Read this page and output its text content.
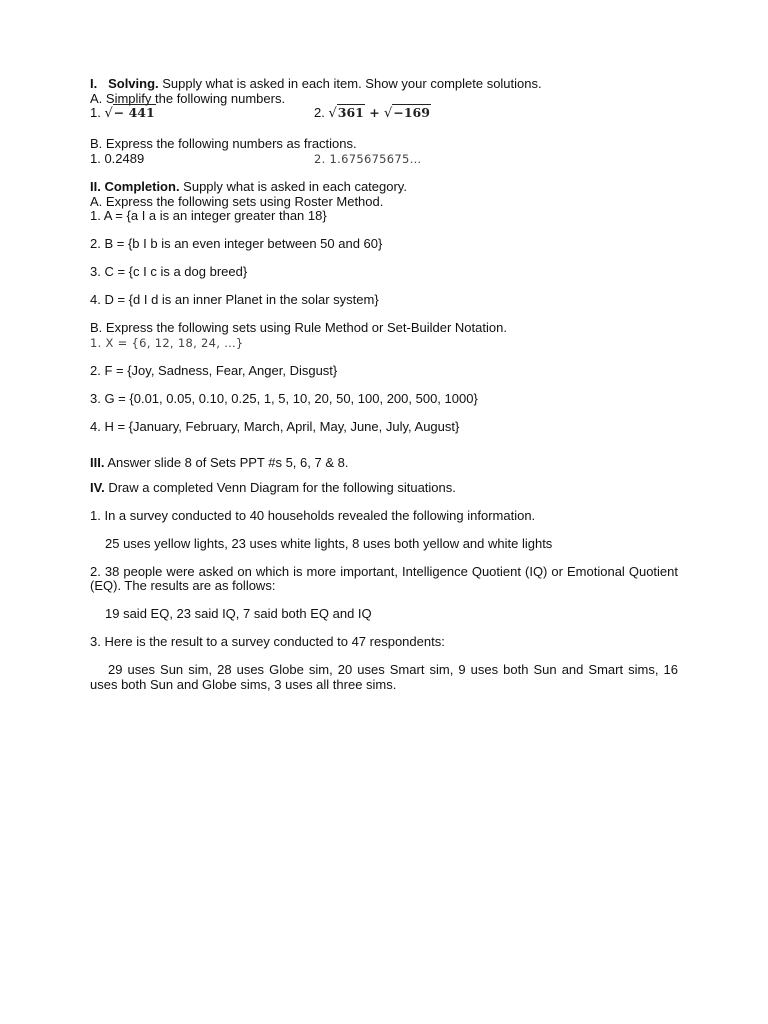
I. Solving. Supply what is asked in each item. Show your complete solutions.
A. Simplify the following numbers.
1. √− 441	2. √361 + √−169
B. Express the following numbers as fractions.
1. 0.2489	2. 1.675675675…
II. Completion. Supply what is asked in each category.
A. Express the following sets using Roster Method.
1. A = {a I a is an integer greater than 18}
2. B = {b I b is an even integer between 50 and 60}
3. C = {c I c is a dog breed}
4. D = {d I d is an inner Planet in the solar system}
B. Express the following sets using Rule Method or Set-Builder Notation.
1. X = {6, 12, 18, 24, …}
2. F = {Joy, Sadness, Fear, Anger, Disgust}
3. G = {0.01, 0.05, 0.10, 0.25, 1, 5, 10, 20, 50, 100, 200, 500, 1000}
4. H = {January, February, March, April, May, June, July, August}
III. Answer slide 8 of Sets PPT #s 5, 6, 7 & 8.
IV. Draw a completed Venn Diagram for the following situations.
1. In a survey conducted to 40 households revealed the following information.
25 uses yellow lights, 23 uses white lights, 8 uses both yellow and white lights
2. 38 people were asked on which is more important, Intelligence Quotient (IQ) or Emotional Quotient (EQ). The results are as follows:
19 said EQ, 23 said IQ, 7 said both EQ and IQ
3. Here is the result to a survey conducted to 47 respondents:
29 uses Sun sim, 28 uses Globe sim, 20 uses Smart sim, 9 uses both Sun and Smart sims, 16 uses both Sun and Globe sims, 3 uses all three sims.
